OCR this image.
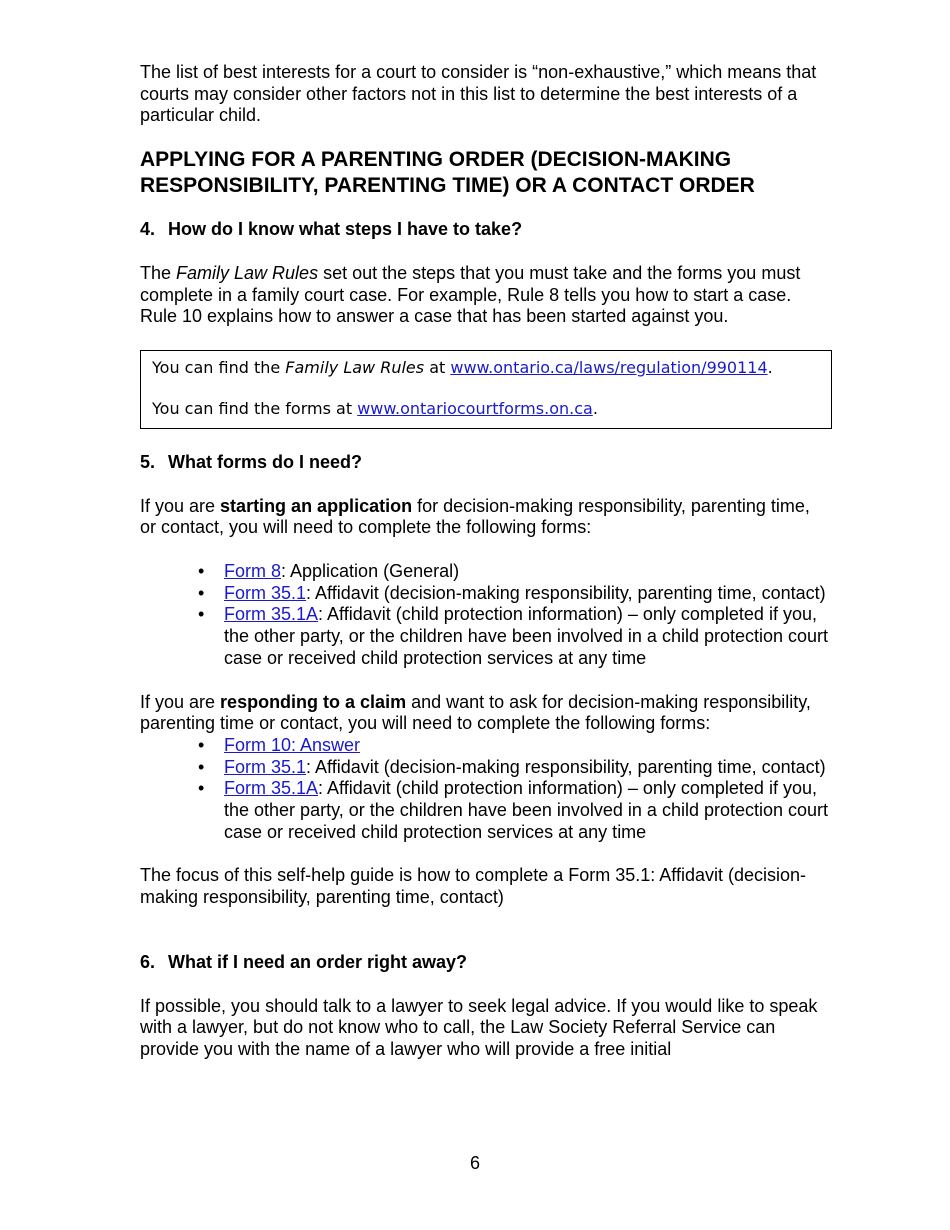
The list of best interests for a court to consider is “non-exhaustive,” which means that courts may consider other factors not in this list to determine the best interests of a particular child.

APPLYING FOR A PARENTING ORDER (DECISION-MAKING
RESPONSIBILITY, PARENTING TIME) OR A CONTACT ORDER
4. How do I know what steps I have to take?

The Family Law Rules set out the steps that you must take and the forms you must complete in a family court case. For example, Rule 8 tells you how to start a case. Rule 10 explains how to answer a case that has been started against you.

You can find the Family Law Rules at www.ontario.ca/laws/regulation/990114.
You can find the forms at www.ontariocourtforms.on.ca.
5. What forms do I need?

If you are starting an application for decision-making responsibility, parenting time, or contact, you will need to complete the following forms:

• Form 8: Application (General)
• Form 35.1: Affidavit (decision-making responsibility, parenting time, contact)
• Form 35.1A: Affidavit (child protection information) – only completed if you, the other party, or the children have been involved in a child protection court case or received child protection services at any time

If you are responding to a claim and want to ask for decision-making responsibility, parenting time or contact, you will need to complete the following forms:

• Form 10: Answer
• Form 35.1: Affidavit (decision-making responsibility, parenting time, contact)
• Form 35.1A: Affidavit (child protection information) – only completed if you, the other party, or the children have been involved in a child protection court case or received child protection services at any time

The focus of this self-help guide is how to complete a Form 35.1: Affidavit (decision-making responsibility, parenting time, contact)

6. What if I need an order right away?

If possible, you should talk to a lawyer to seek legal advice. If you would like to speak with a lawyer, but do not know who to call, the Law Society Referral Service can provide you with the name of a lawyer who will provide a free initial

6
